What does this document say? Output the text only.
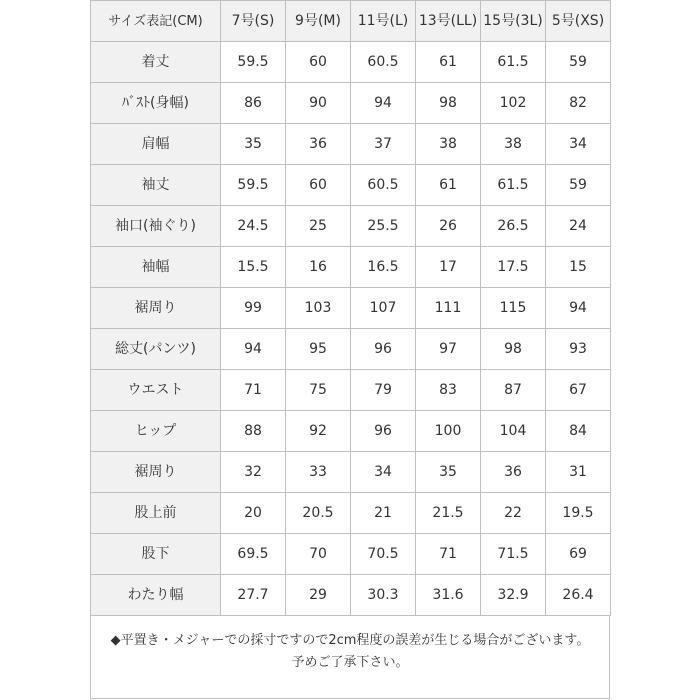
サイズ表記(CM)	7号(S)	9号(M)	11号(L)	13号(LL)	15号(3L)	5号(XS)
着丈	59.5	60	60.5	61	61.5	59
ﾊﾞｽﾄ(身幅)	86	90	94	98	102	82
肩幅	35	36	37	38	38	34
袖丈	59.5	60	60.5	61	61.5	59
袖口(袖ぐり)	24.5	25	25.5	26	26.5	24
袖幅	15.5	16	16.5	17	17.5	15
裾周り	99	103	107	111	115	94
総丈(パンツ)	94	95	96	97	98	93
ウエスト	71	75	79	83	87	67
ヒップ	88	92	96	100	104	84
裾周り	32	33	34	35	36	31
股上前	20	20.5	21	21.5	22	19.5
股下	69.5	70	70.5	71	71.5	69
わたり幅	27.7	29	30.3	31.6	32.9	26.4
◆平置き・メジャーでの採寸ですので2cm程度の誤差が生じる場合がございます。
予めご了承下さい。
